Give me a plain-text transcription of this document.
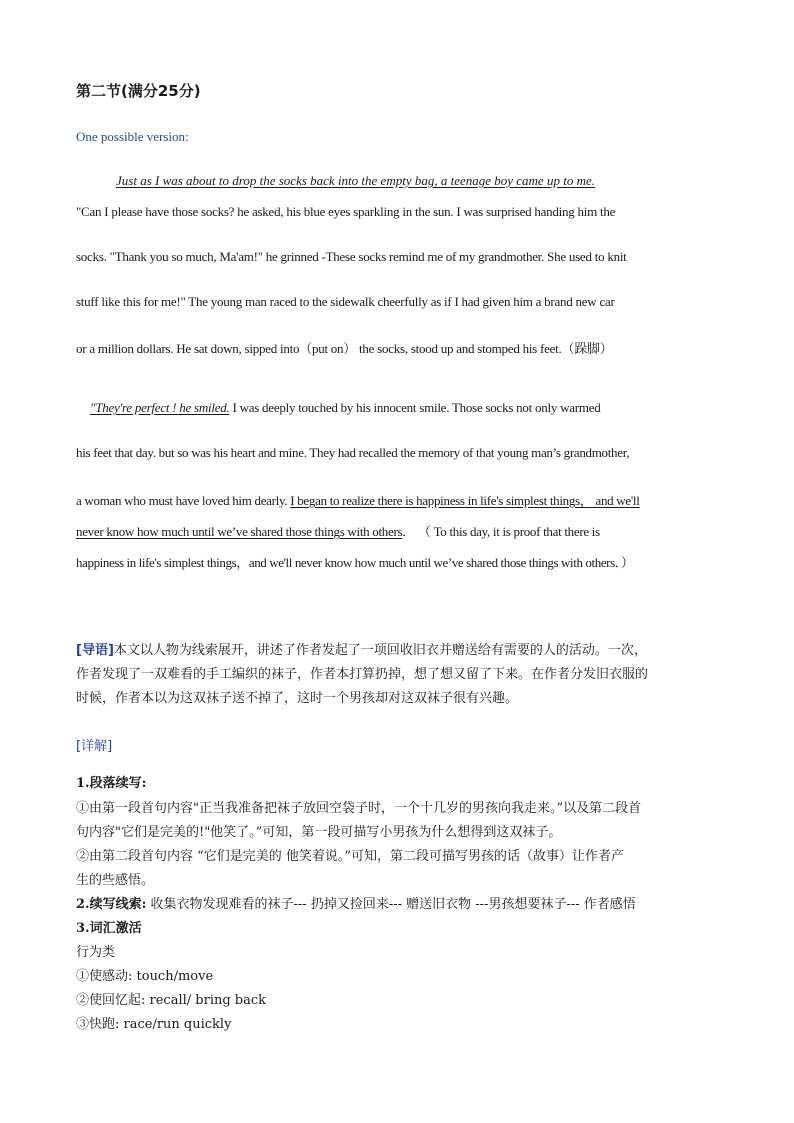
第二节(满分25分)
One possible version:
Just as I was about to drop the socks back into the empty bag, a teenage boy came up to me.
"Can I please have those socks? he asked, his blue eyes sparkling in the sun. I was surprised handing him the
socks. "Thank you so much, Ma'am!" he grinned -These socks remind me of my grandmother. She used to knit
stuff like this for me!" The young man raced to the sidewalk cheerfully as if I had given him a brand new car
or a million dollars. He sat down, sipped into（put on） the socks, stood up and stomped his feet.（跺脚）
"They're perfect ! he smiled. I was deeply touched by his innocent smile. Those socks not only warmed
his feet that day. but so was his heart and mine. They had recalled the memory of that young man’s grandmother,
a woman who must have loved him dearly. I began to realize there is happiness in life's simplest things， and we'll
never know how much until we’ve shared those things with others． （ To this day, it is proof that there is
happiness in life's simplest things，and we'll never know how much until we’ve shared those things with others．）
[导语]本文以人物为线索展开，讲述了作者发起了一项回收旧衣并赠送给有需要的人的活动。一次，
作者发现了一双难看的手工编织的袜子，作者本打算扔掉，想了想又留了下来。在作者分发旧衣服的
时候，作者本以为这双袜子送不掉了，这时一个男孩却对这双袜子很有兴趣。
[详解]
1.段落续写:
①由第一段首句内容"正当我准备把袜子放回空袋子时，一个十几岁的男孩向我走来。”以及第二段首
句内容"它们是完美的!"他笑了。”可知，第一段可描写小男孩为什么想得到这双袜子。
②由第二段首句内容 “它们是完美的 他笑着说。”可知，第二段可描写男孩的话（故事）让作者产
生的些感悟。
2.续写线索: 收集衣物发现难看的袜子--- 扔掉又捡回来--- 赠送旧衣物 ---男孩想要袜子--- 作者感悟
3.词汇激活
行为类
①使感动: touch/move
②使回忆起: recall/ bring back
③快跑: race/run quickly
